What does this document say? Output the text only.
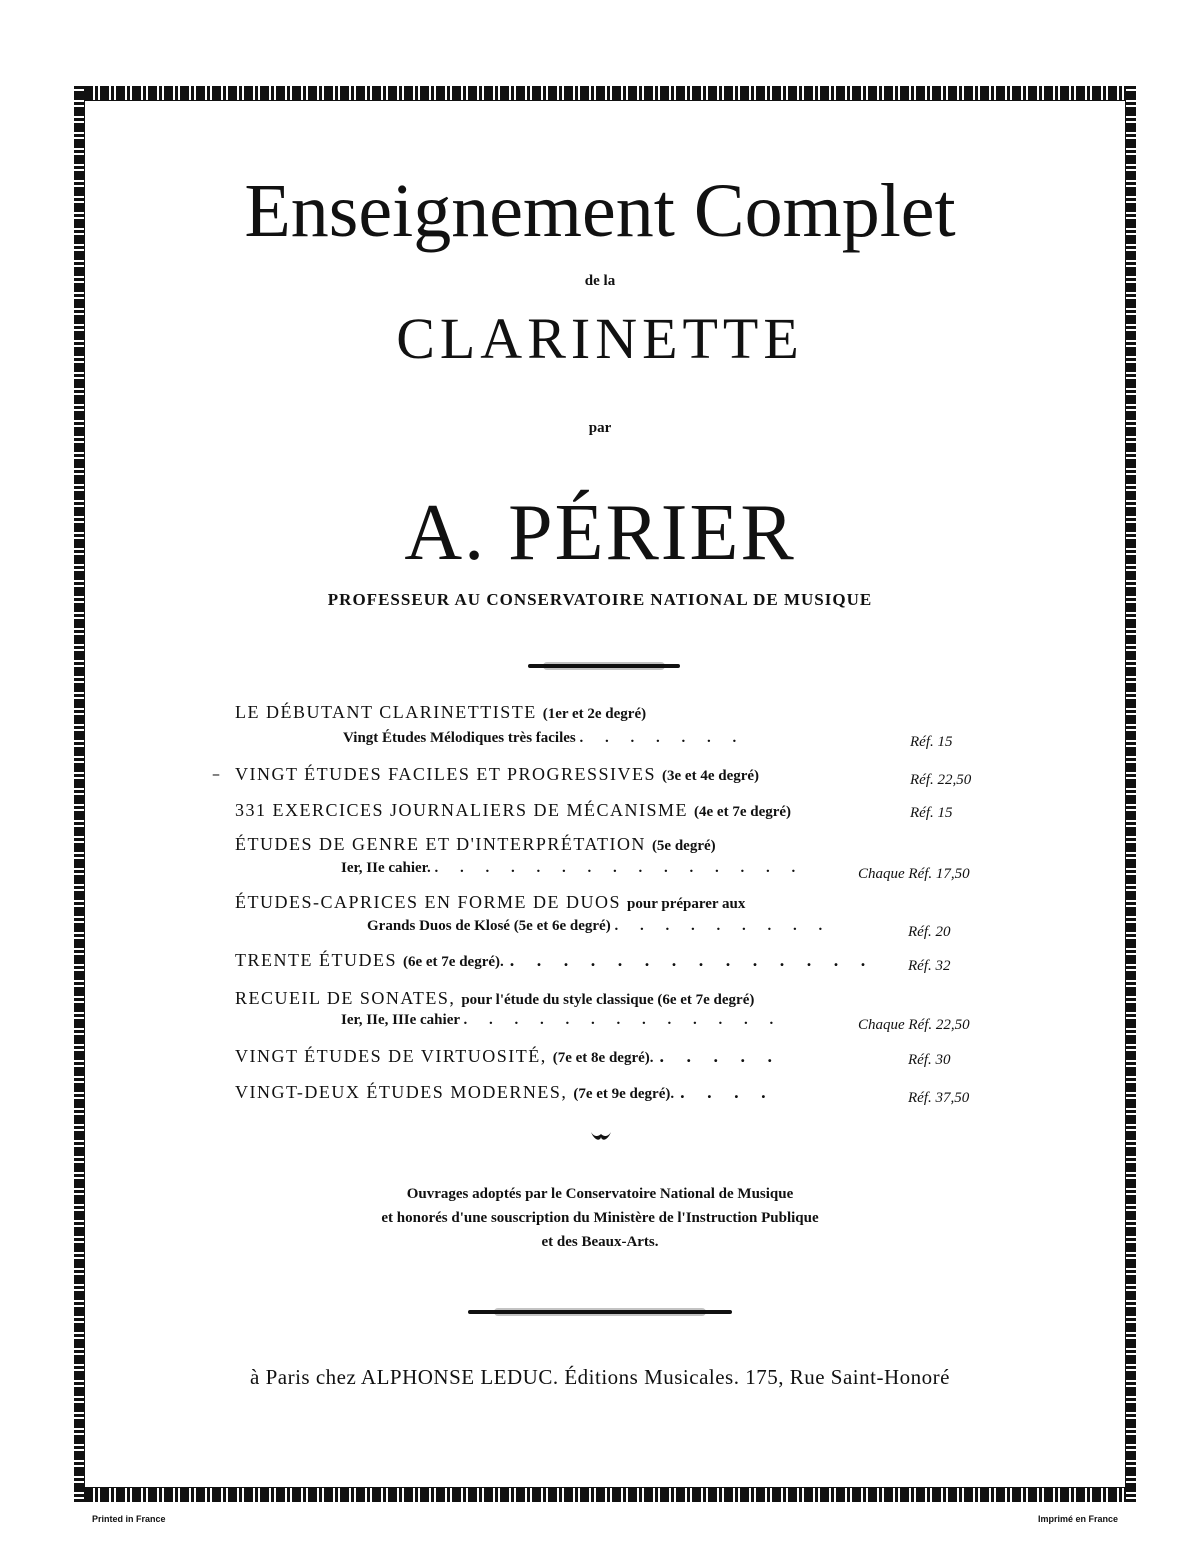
Enseignement Complet
de la
CLARINETTE
par
A. PÉRIER
PROFESSEUR AU CONSERVATOIRE NATIONAL DE MUSIQUE
LE DÉBUTANT CLARINETTISTE (1er et 2e degré)
Vingt Études Mélodiques très faciles . . . . . . .	Réf. 15
– VINGT ÉTUDES FACILES ET PROGRESSIVES (3e et 4e degré)	Réf. 22,50
331 EXERCICES JOURNALIERS DE MÉCANISME (4e et 7e degré)	Réf. 15
ÉTUDES DE GENRE ET D'INTERPRÉTATION (5e degré)
Ier, IIe cahier. . . . . . . . . . . . . . . .	Chaque Réf. 17,50
ÉTUDES-CAPRICES EN FORME DE DUOS pour préparer aux
Grands Duos de Klosé (5e et 6e degré) . . . . . . . . .	Réf. 20
TRENTE ÉTUDES (6e et 7e degré). . . . . . . . . . . . . . . Réf. 32
RECUEIL DE SONATES, pour l'étude du style classique (6e et 7e degré)
Ier, IIe, IIIe cahier . . . . . . . . . . . . .	Chaque Réf. 22,50
VINGT ÉTUDES DE VIRTUOSITÉ, (7e et 8e degré). . . . . .	Réf. 30
VINGT-DEUX ÉTUDES MODERNES, (7e et 9e degré). . . . .	Réf. 37,50
Ouvrages adoptés par le Conservatoire National de Musique
et honorés d'une souscription du Ministère de l'Instruction Publique
et des Beaux-Arts.
à Paris chez ALPHONSE LEDUC. Éditions Musicales. 175, Rue Saint-Honoré
Printed in France	Imprimé en France
